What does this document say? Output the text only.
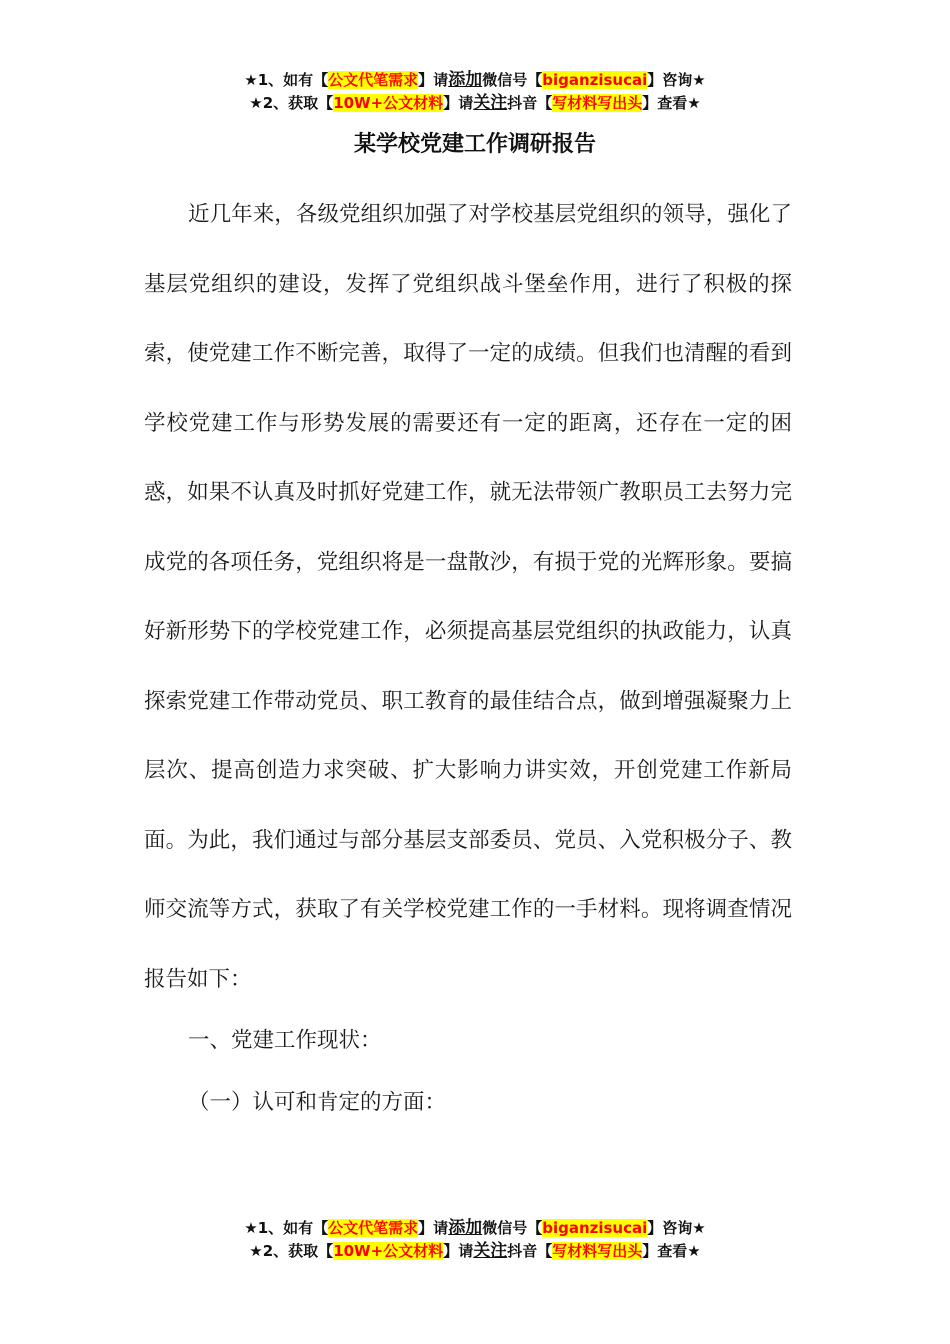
★1、如有【公文代笔需求】请添加微信号【biganzisucai】咨询★
★2、获取【10W+公文材料】请关注抖音【写材料写出头】查看★
某学校党建工作调研报告

近几年来，各级党组织加强了对学校基层党组织的领导，强化了基层党组织的建设，发挥了党组织战斗堡垒作用，进行了积极的探索，使党建工作不断完善，取得了一定的成绩。但我们也清醒的看到学校党建工作与形势发展的需要还有一定的距离，还存在一定的困惑，如果不认真及时抓好党建工作，就无法带领广教职员工去努力完成党的各项任务，党组织将是一盘散沙，有损于党的光辉形象。要搞好新形势下的学校党建工作，必须提高基层党组织的执政能力，认真探索党建工作带动党员、职工教育的最佳结合点，做到增强凝聚力上层次、提高创造力求突破、扩大影响力讲实效，开创党建工作新局面。为此，我们通过与部分基层支部委员、党员、入党积极分子、教师交流等方式，获取了有关学校党建工作的一手材料。现将调查情况报告如下：

一、党建工作现状：

（一）认可和肯定的方面：

★1、如有【公文代笔需求】请添加微信号【biganzisucai】咨询★
★2、获取【10W+公文材料】请关注抖音【写材料写出头】查看★
